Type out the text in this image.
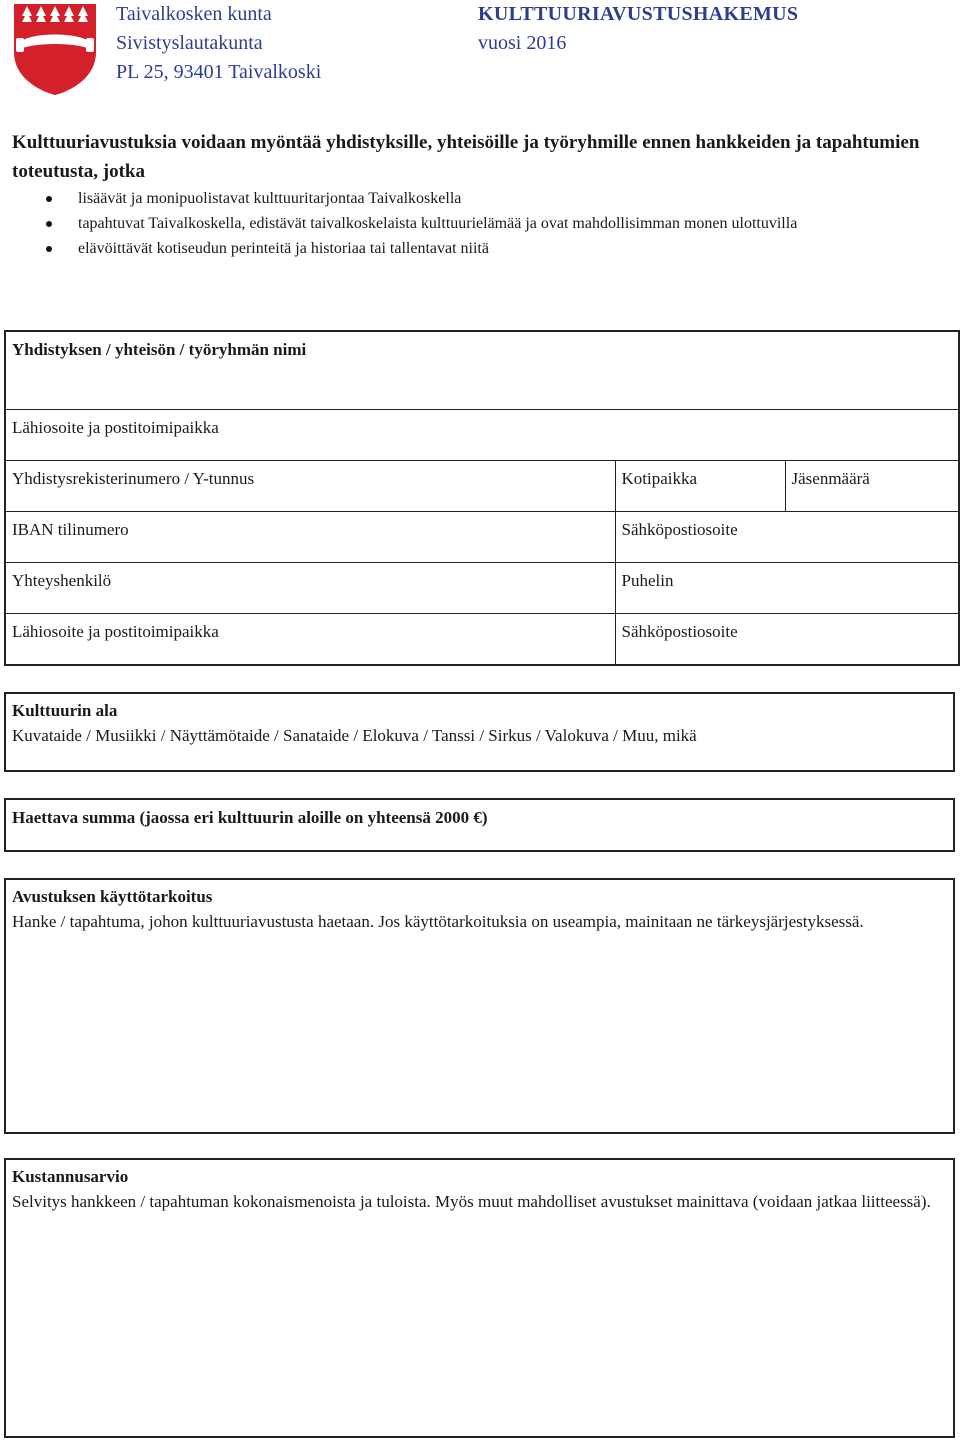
Taivalkosken kunta
Sivistyslautakunta
PL 25, 93401 Taivalkoski
KULTTUURIAVUSTUSHAKEMUS
vuosi 2016
Kulttuuriavustuksia voidaan myöntää yhdistyksille, yhteisöille ja työryhmille ennen hankkeiden ja tapahtumien toteutusta, jotka
lisäävät ja monipuolistavat kulttuuritarjontaa Taivalkoskella
tapahtuvat Taivalkoskella, edistävät taivalkoskelaista kulttuurielämää ja ovat mahdollisimman monen ulottuvilla
elävöittävät kotiseudun perinteitä ja historiaa tai tallentavat niitä
Yhdistyksen / yhteisön / työryhmän nimi		
Lähiosoite ja postitoimipaikka		
Yhdistysrekisterinumero / Y-tunnus	Kotipaikka	Jäsenmäärä
IBAN tilinumero	Sähköpostiosoite	
Yhteyshenkilö	Puhelin	
Lähiosoite ja postitoimipaikka	Sähköpostiosoite	
Kulttuurin ala
Kuvataide / Musiikki / Näyttämötaide / Sanataide / Elokuva / Tanssi / Sirkus / Valokuva / Muu, mikä
Haettava summa (jaossa eri kulttuurin aloille on yhteensä 2000 €)
Avustuksen käyttötarkoitus
Hanke / tapahtuma, johon kulttuuriavustusta haetaan. Jos käyttötarkoituksia on useampia, mainitaan ne tärkeysjärjestyksessä.
Kustannusarvio
Selvitys hankkeen / tapahtuman kokonaismenoista ja tuloista. Myös muut mahdolliset avustukset mainittava (voidaan jatkaa liitteessä).
